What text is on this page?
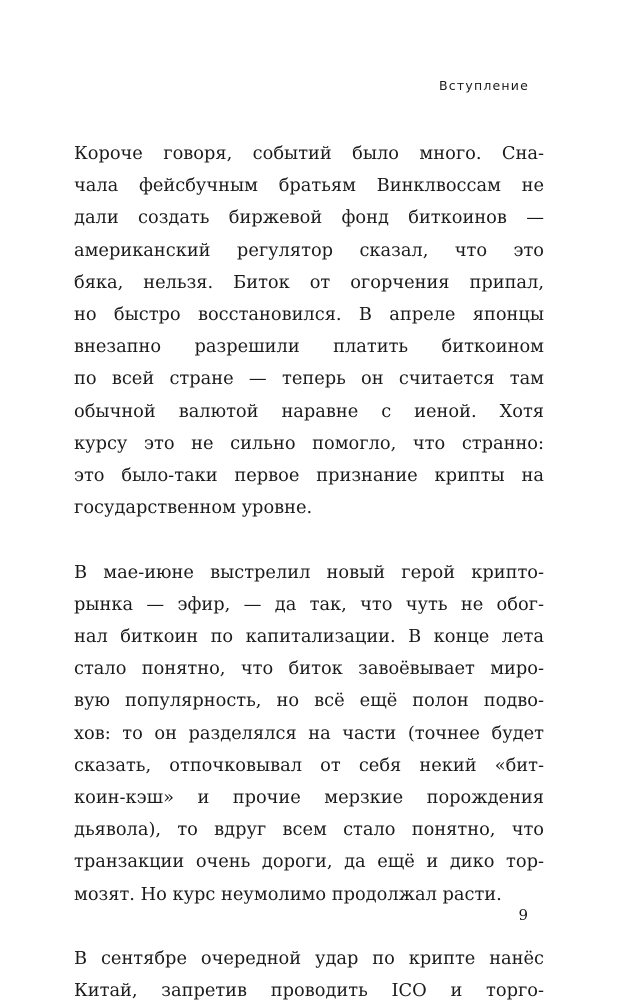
Вступление
Короче говоря, событий было много. Сна-
чала фейсбучным братьям Винклвоссам не
дали создать биржевой фонд биткоинов —
американский регулятор сказал, что это
бяка, нельзя. Биток от огорчения припал,
но быстро восстановился. В апреле японцы
внезапно разрешили платить биткоином
по всей стране — теперь он считается там
обычной валютой наравне с иеной. Хотя
курсу это не сильно помогло, что странно:
это было-таки первое признание крипты на
государственном уровне.
В мае-июне выстрелил новый герой крипто-
рынка — эфир, — да так, что чуть не обог-
нал биткоин по капитализации. В конце лета
стало понятно, что биток завоёвывает миро-
вую популярность, но всё ещё полон подво-
хов: то он разделялся на части (точнее будет
сказать, отпочковывал от себя некий «бит-
коин-кэш» и прочие мерзкие порождения
дьявола), то вдруг всем стало понятно, что
транзакции очень дороги, да ещё и дико тор-
мозят. Но курс неумолимо продолжал расти.
В сентябре очередной удар по крипте нанёс
Китай, запретив проводить ICO и торго-
9
